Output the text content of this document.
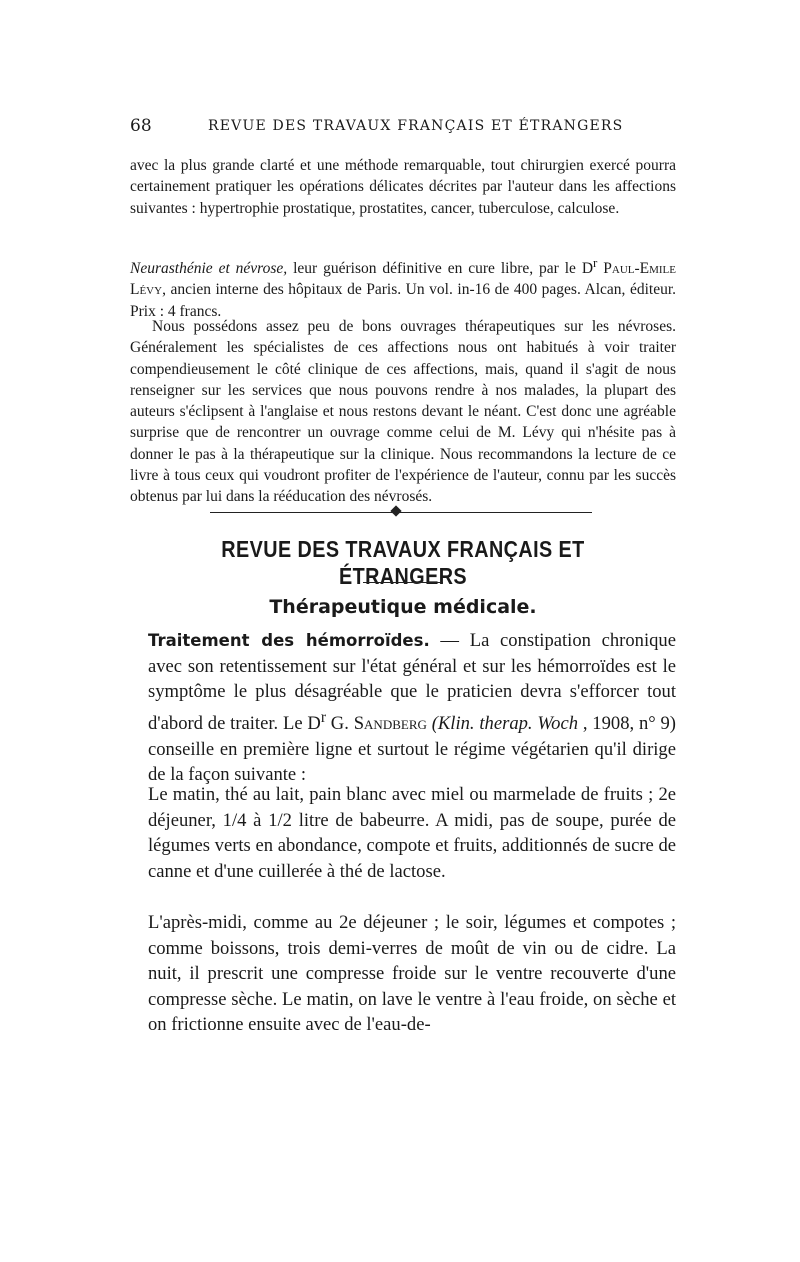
68	REVUE DES TRAVAUX FRANÇAIS ET ÉTRANGERS

avec la plus grande clarté et une méthode remarquable, tout chirurgien exercé pourra certainement pratiquer les opérations délicates décrites par l'auteur dans les affections suivantes : hypertrophie prostatique, prostatites, cancer, tuberculose, calculose.

Neurasthénie et névrose, leur guérison définitive en cure libre, par le $D^r$ Paul-Emile Lévy, ancien interne des hôpitaux de Paris. Un vol. in-16 de 400 pages. Alcan, éditeur. Prix : 4 francs.

Nous possédons assez peu de bons ouvrages thérapeutiques sur les névroses. Généralement les spécialistes de ces affections nous ont habitués à voir traiter compendieusement le côté clinique de ces affections, mais, quand il s'agit de nous renseigner sur les services que nous pouvons rendre à nos malades, la plupart des auteurs s'éclipsent à l'anglaise et nous restons devant le néant. C'est donc une agréable surprise que de rencontrer un ouvrage comme celui de M. Lévy qui n'hésite pas à donner le pas à la thérapeutique sur la clinique. Nous recommandons la lecture de ce livre à tous ceux qui voudront profiter de l'expérience de l'auteur, connu par les succès obtenus par lui dans la rééducation des névrosés.

REVUE DES TRAVAUX FRANÇAIS ET ÉTRANGERS
Thérapeutique médicale.

Traitement des hémorroïdes. — La constipation chronique avec son retentissement sur l'état général et sur les hémorroïdes est le symptôme le plus désagréable que le praticien devra s'efforcer tout d'abord de traiter. Le $D^r$ G. Sandberg (Klin. therap. Woch , 1908, n° 9) conseille en première ligne et surtout le régime végétarien qu'il dirige de la façon suivante :

Le matin, thé au lait, pain blanc avec miel ou marmelade de fruits ; 2e déjeuner, 1/4 à 1/2 litre de babeurre. A midi, pas de soupe, purée de légumes verts en abondance, compote et fruits, additionnés de sucre de canne et d'une cuillerée à thé de lactose.

L'après-midi, comme au 2e déjeuner ; le soir, légumes et compotes ; comme boissons, trois demi-verres de moût de vin ou de cidre. La nuit, il prescrit une compresse froide sur le ventre recouverte d'une compresse sèche. Le matin, on lave le ventre à l'eau froide, on sèche et on frictionne ensuite avec de l'eau-de-
